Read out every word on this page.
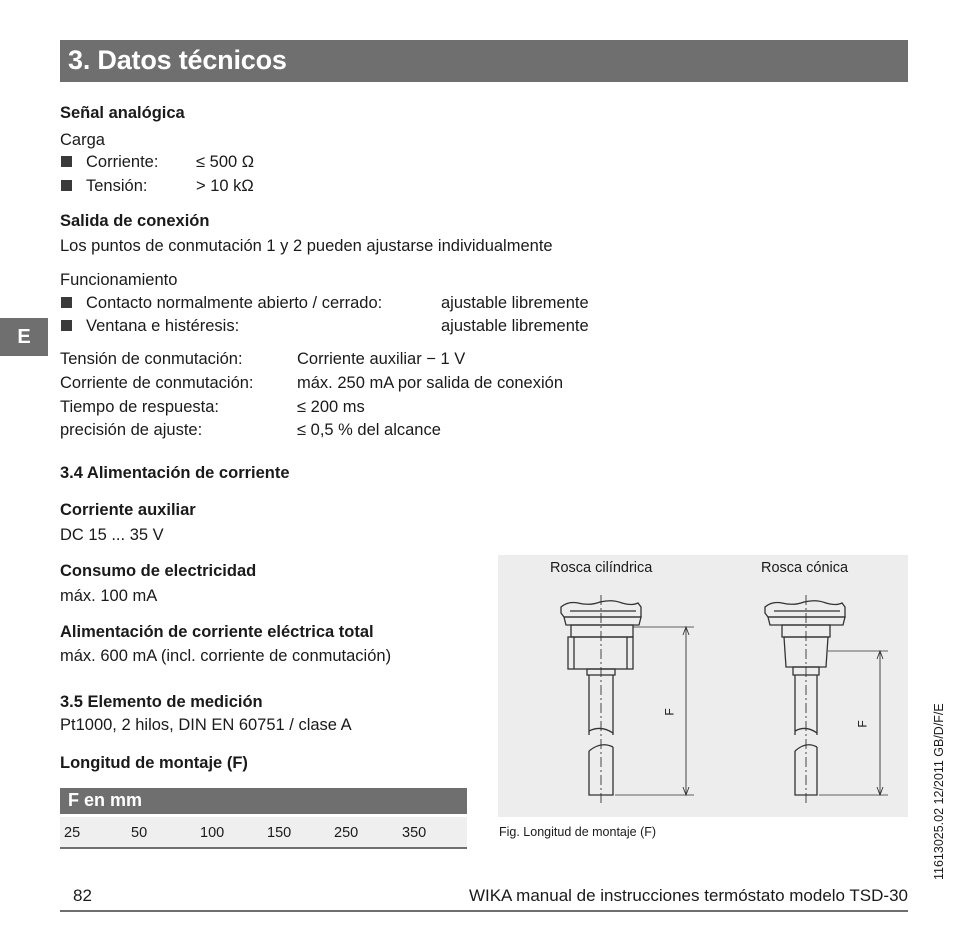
3. Datos técnicos
E
Señal analógica
Carga
Corriente: ≤ 500 Ω
Tensión:	> 10 kΩ
Salida de conexión
Los puntos de conmutación 1 y 2 pueden ajustarse individualmente
Funcionamiento
Contacto normalmente abierto / cerrado:	ajustable libremente
Ventana e histéresis:	ajustable libremente
Tensión de conmutación:	Corriente auxiliar − 1 V
Corriente de conmutación:	máx. 250 mA por salida de conexión
Tiempo de respuesta:	≤ 200 ms
precisión de ajuste:	≤ 0,5 % del alcance
3.4 Alimentación de corriente
Corriente auxiliar
DC 15 ... 35 V
Consumo de electricidad
máx. 100 mA
Alimentación de corriente eléctrica total
máx. 600 mA (incl. corriente de conmutación)
3.5 Elemento de medición
Pt1000, 2 hilos, DIN EN 60751 / clase A
Longitud de montaje (F)
F en mm
25	50	100	150	250	350
Rosca cilíndrica	Rosca cónica
F
F
Fig. Longitud de montaje (F)	11613025.02 12/2011 GB/D/F/E
82	WIKA manual de instrucciones termóstato modelo TSD-30
